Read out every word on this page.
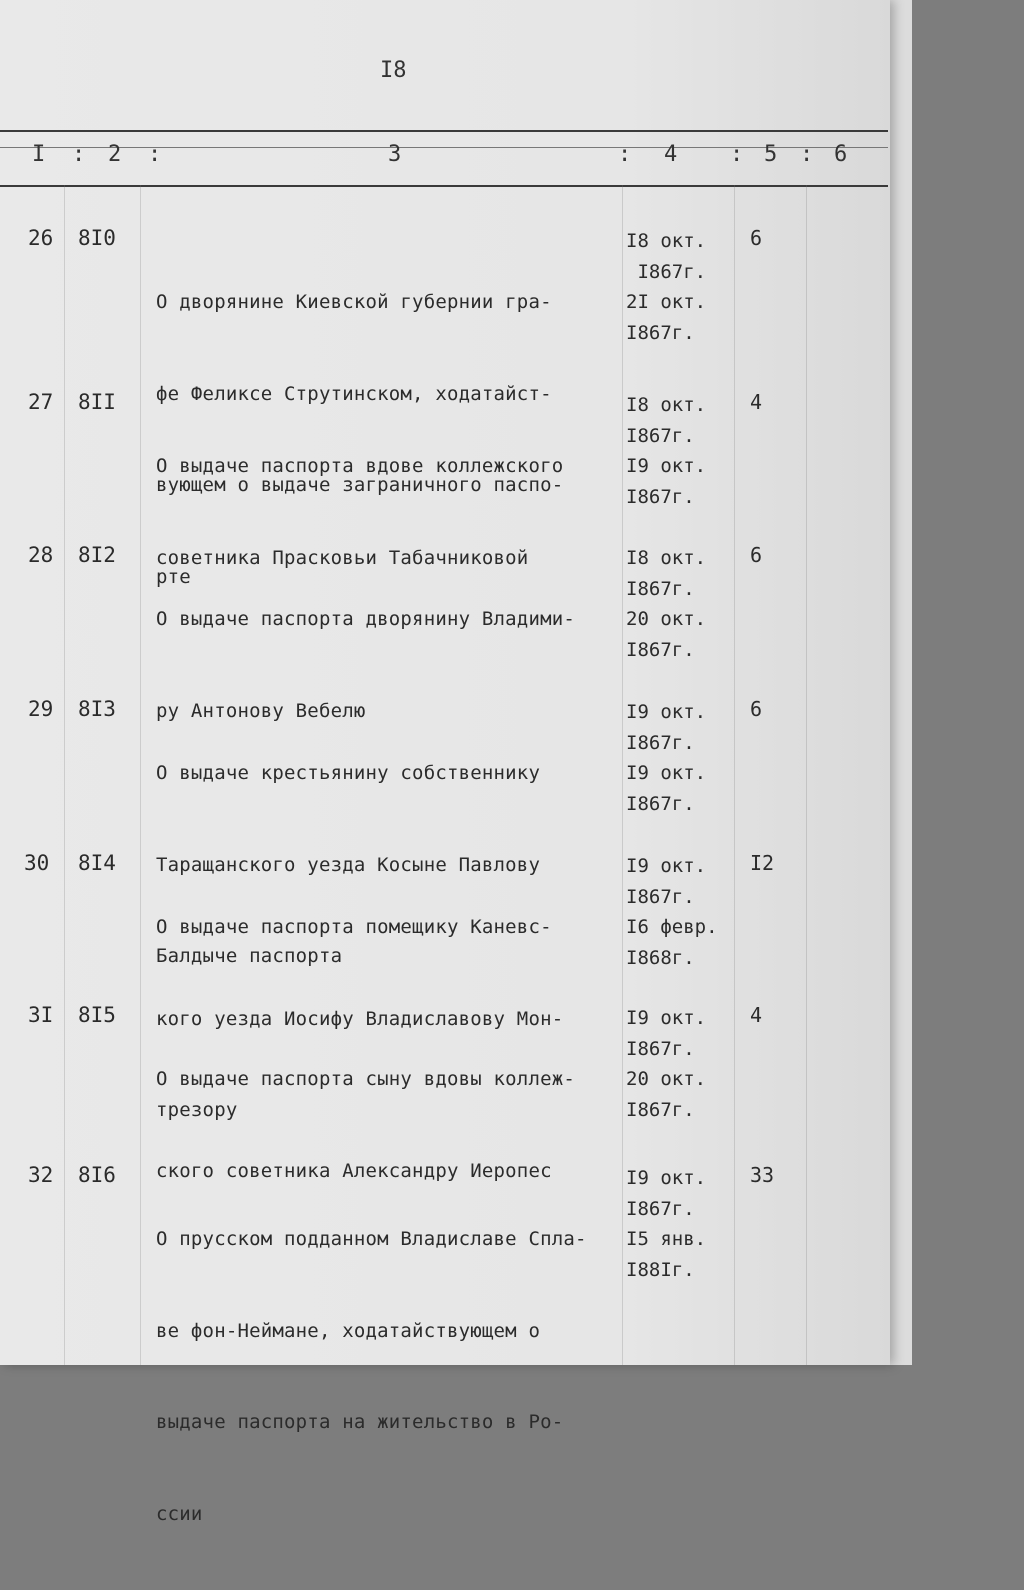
I8
I : 2 :	3	: 4 : 5 : 6
26 8I0

О дворянине Киевской губернии гра-

фе Феликсе Струтинском, ходатайст-

вующем о выдаче заграничного паспо-

рте

I8 окт.
I867г.
2I окт.
I867г.
6
27 8II

О выдаче паспорта вдове коллежского

советника Прасковьи Табачниковой

I8 окт.
I867г.
I9 окт.
I867г.
4
28 8I2

О выдаче паспорта дворянину Владими-

ру Антонову Вебелю

I8 окт.
I867г.
20 окт.
I867г.
6
29 8I3

О выдаче крестьянину собственнику

Таращанского уезда Косыне Павлову

Балдыче паспорта

I9 окт.
I867г.
I9 окт.
I867г.
6
30 8I4

О выдаче паспорта помещику Каневс-

кого уезда Иосифу Владиславову Мон-

трезору

I9 окт.
I867г.
I6 февр.
I868г.
I2
3I 8I5

О выдаче паспорта сыну вдовы коллеж-

ского советника Александру Иеропес

I9 окт.
I867г.
20 окт.
I867г.
4
32 8I6

О прусском подданном Владиславе Спла-

ве фон-Неймане, ходатайствующем о

выдаче паспорта на жительство в Ро-

ссии

I9 окт.
I867г.
I5 янв.
I88Iг.
33
